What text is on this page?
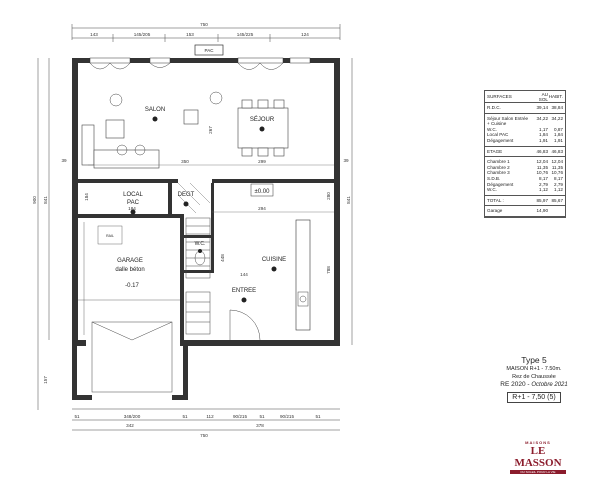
750
143	145/205	153	145/225	124
900 841	841
39	39
157
51	348/200	51	112	90/215	51	90/215	51
342	378
750
PAC
SALON
SÉJOUR
LOCAL
PAC
DEGT	±0.00
GARAGE
dalle béton
-0.17
W.C.
CUISINE
ENTREE
RAIL
350	299
267
294
184
448
144
184	280
788
SURFACES	AU SOL HABIT.
R.D.C.	39,14 38,84
Séjour Salon Entrée	34,22 34,22
+ Cuisine
W.C.	1,17	0,87
Local PAC	1,84	1,84
Dégagement	1,91	1,91
ETAGE	46,83 46,83
Chambre 1	12,04 12,04
Chambre 2	11,35 11,35
Chambre 3	10,76 10,76
S.D.B.	8,17	8,17
Dégagement	2,79	2,79
W.C.	1,12	1,12
TOTAL :	85,97 85,67
Garage	14,90
Type 5
MAISON R+1 - 7.50m.
Rez de Chaussée
RE 2020 - Octobre 2021
R+1 - 7,50 (5)
MAISONS
LE MASSON
DU SOLEIL POUR LA VIE
